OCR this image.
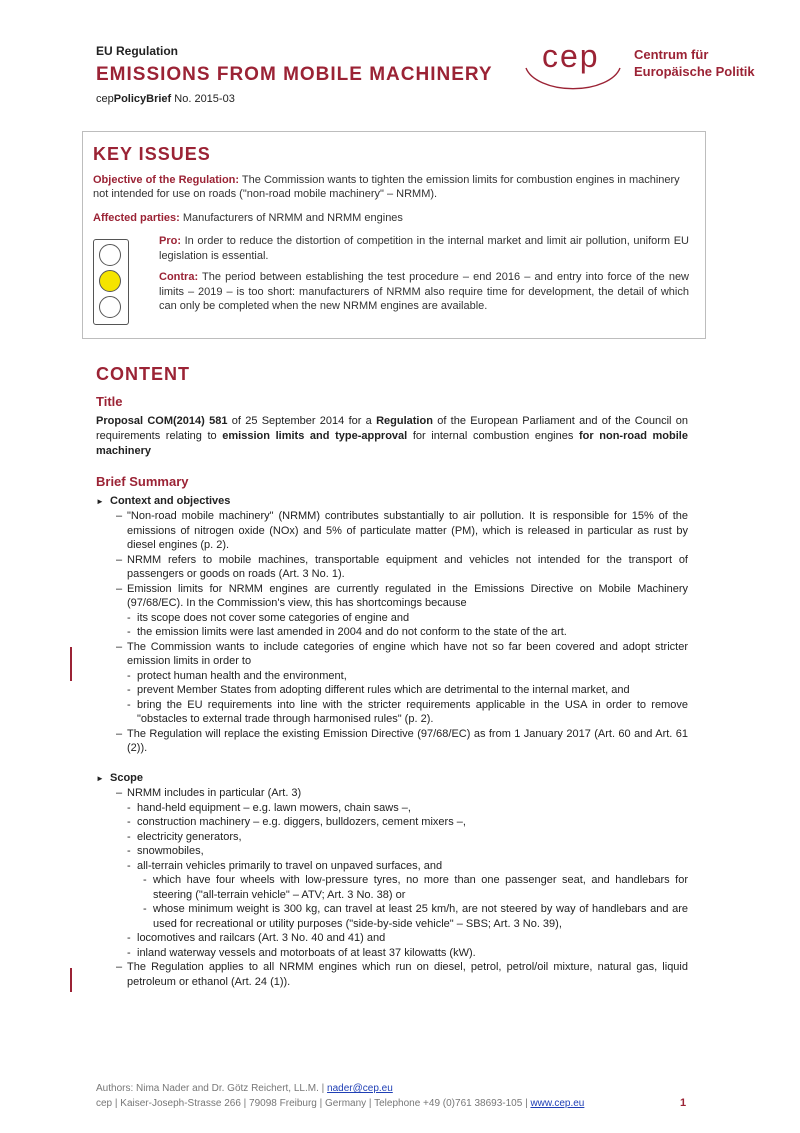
EU Regulation
EMISSIONS FROM MOBILE MACHINERY
cepPolicyBrief No. 2015-03
cep	Centrum für
Europäische Politik
KEY ISSUES
Objective of the Regulation: The Commission wants to tighten the emission limits for combustion engines in machinery not intended for use on roads ("non-road mobile machinery" – NRMM).
Affected parties: Manufacturers of NRMM and NRMM engines
Pro: In order to reduce the distortion of competition in the internal market and limit air pollution, uniform EU legislation is essential.
Contra: The period between establishing the test procedure – end 2016 – and entry into force of the new limits – 2019 – is too short: manufacturers of NRMM also require time for development, the detail of which can only be completed when the new NRMM engines are available.
CONTENT
Title
Proposal COM(2014) 581 of 25 September 2014 for a Regulation of the European Parliament and of the Council on requirements relating to emission limits and type-approval for internal combustion engines for non-road mobile machinery
Brief Summary
► Context and objectives
– "Non-road mobile machinery" (NRMM) contributes substantially to air pollution. It is responsible for 15% of the emissions of nitrogen oxide (NOx) and 5% of particulate matter (PM), which is released in particular as rust by diesel engines (p. 2).
– NRMM refers to mobile machines, transportable equipment and vehicles not intended for the transport of passengers or goods on roads (Art. 3 No. 1).
– Emission limits for NRMM engines are currently regulated in the Emissions Directive on Mobile Machinery (97/68/EC). In the Commission's view, this has shortcomings because
- its scope does not cover some categories of engine and
- the emission limits were last amended in 2004 and do not conform to the state of the art.
– The Commission wants to include categories of engine which have not so far been covered and adopt stricter emission limits in order to
- protect human health and the environment,
- prevent Member States from adopting different rules which are detrimental to the internal market, and
- bring the EU requirements into line with the stricter requirements applicable in the USA in order to remove "obstacles to external trade through harmonised rules" (p. 2).
– The Regulation will replace the existing Emission Directive (97/68/EC) as from 1 January 2017 (Art. 60 and Art. 61 (2)).
► Scope
– NRMM includes in particular (Art. 3)
- hand-held equipment – e.g. lawn mowers, chain saws –,
- construction machinery – e.g. diggers, bulldozers, cement mixers –,
- electricity generators,
- snowmobiles,
- all-terrain vehicles primarily to travel on unpaved surfaces, and
- which have four wheels with low-pressure tyres, no more than one passenger seat, and handlebars for steering ("all-terrain vehicle" – ATV; Art. 3 No. 38) or
- whose minimum weight is 300 kg, can travel at least 25 km/h, are not steered by way of handlebars and are used for recreational or utility purposes ("side-by-side vehicle" – SBS; Art. 3 No. 39),
- locomotives and railcars (Art. 3 No. 40 and 41) and
- inland waterway vessels and motorboats of at least 37 kilowatts (kW).
– The Regulation applies to all NRMM engines which run on diesel, petrol, petrol/oil mixture, natural gas, liquid petroleum or ethanol (Art. 24 (1)).
Authors: Nima Nader and Dr. Götz Reichert, LL.M. | nader@cep.eu
cep | Kaiser-Joseph-Strasse 266 | 79098 Freiburg | Germany | Telephone +49 (0)761 38693-105 | www.cep.eu	1
